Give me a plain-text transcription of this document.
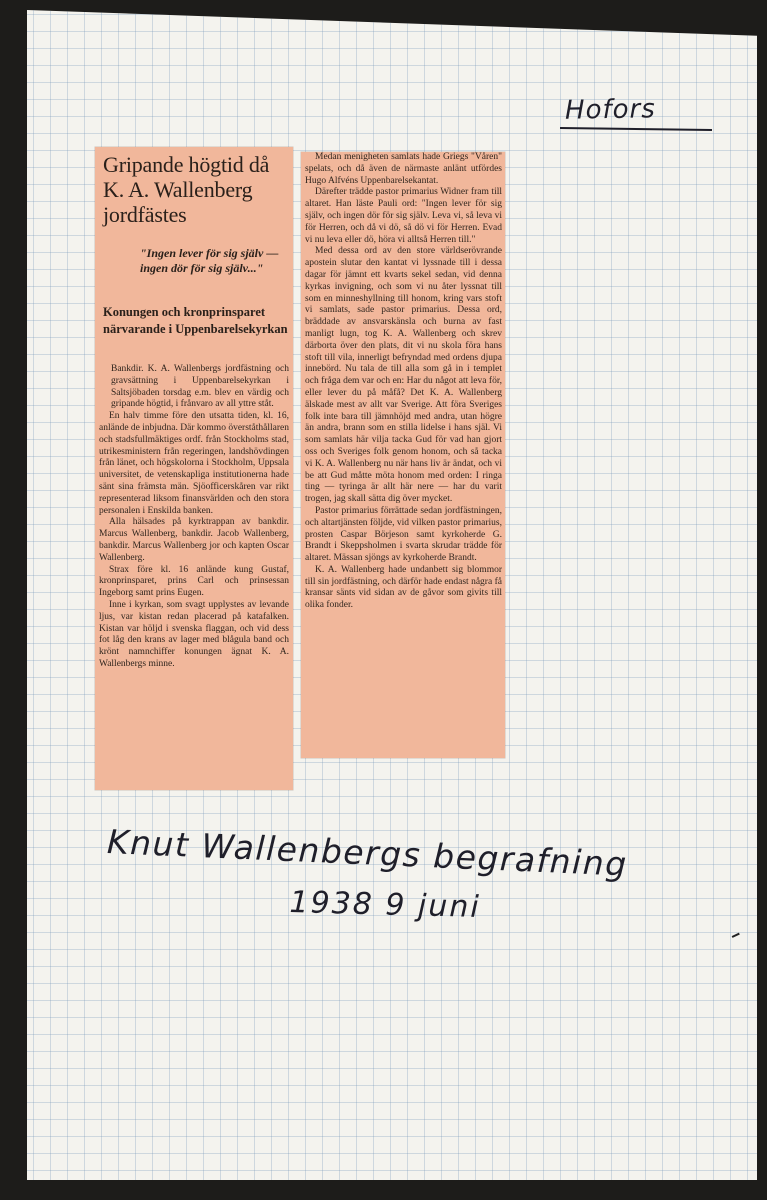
Gripande högtid då K. A. Wallenberg jordfästes

"Ingen lever för sig själv — ingen dör för sig själv..."

Konungen och kronprinsparet närvarande i Uppenbarelsekyrkan

Bankdir. K. A. Wallenbergs jordfästning och gravsättning i Uppenbarelsekyrkan i Saltsjöbaden torsdag e.m. blev en värdig och gripande högtid, i frånvaro av all yttre ståt.

En halv timme före den utsatta tiden, kl. 16, anlände de inbjudna. Där kommo överståthållaren och stadsfullmäktiges ordf. från Stockholms stad, utrikesministern från regeringen, landshövdingen från länet, och högskolorna i Stockholm, Uppsala universitet, de vetenskapliga institutionerna hade sänt sina främsta män. Sjöofficerskåren var rikt representerad liksom finansvärlden och den stora personalen i Enskilda banken.

Alla hälsades på kyrktrappan av bankdir. Marcus Wallenberg, bankdir. Jacob Wallenberg, bankdir. Marcus Wallenberg jor och kapten Oscar Wallenberg.

Strax före kl. 16 anlände kung Gustaf, kronprinsparet, prins Carl och prinsessan Ingeborg samt prins Eugen.

Inne i kyrkan, som svagt upplystes av levande ljus, var kistan redan placerad på katafalken. Kistan var höljd i svenska flaggan, och vid dess fot låg den krans av lager med blågula band och krönt namnchiffer konungen ägnat K. A. Wallenbergs minne.

Medan menigheten samlats hade Griegs "Våren" spelats, och då även de närmaste anlänt utfördes Hugo Alfvéns Uppenbarelsekantat.

Därefter trädde pastor primarius Widner fram till altaret. Han läste Pauli ord: "Ingen lever för sig själv, och ingen dör för sig själv. Leva vi, så leva vi för Herren, och då vi dö, så dö vi för Herren. Evad vi nu leva eller dö, höra vi alltså Herren till."

Med dessa ord av den store världserövrande apostein slutar den kantat vi lyssnade till i dessa dagar för jämnt ett kvarts sekel sedan, vid denna kyrkas invigning, och som vi nu åter lyssnat till som en minneshyllning till honom, kring vars stoft vi samlats, sade pastor primarius. Dessa ord, bräddade av ansvarskänsla och burna av fast manligt lugn, tog K. A. Wallenberg och skrev därborta över den plats, dit vi nu skola föra hans stoft till vila, innerligt befryndad med ordens djupa innebörd. Nu tala de till alla som gå in i templet och fråga dem var och en: Har du något att leva för, eller lever du på måfå? Det K. A. Wallenberg älskade mest av allt var Sverige. Att föra Sveriges folk inte bara till jämnhöjd med andra, utan högre än andra, brann som en stilla lidelse i hans själ. Vi som samlats här vilja tacka Gud för vad han gjort oss och Sveriges folk genom honom, och så tacka vi K. A. Wallenberg nu när hans liv är ändat, och vi be att Gud måtte möta honom med orden: I ringa ting — tyringa är allt här nere — har du varit trogen, jag skall sätta dig över mycket.

Pastor primarius förrättade sedan jordfästningen, och altartjänsten följde, vid vilken pastor primarius, prosten Caspar Börjeson samt kyrkoherde G. Brandt i Skeppsholmen i svarta skrudar trädde för altaret. Mässan sjöngs av kyrkoherde Brandt.

K. A. Wallenberg hade undanbett sig blommor till sin jordfästning, och därför hade endast några få kransar sänts vid sidan av de gåvor som givits till olika fonder.

Hofors

Knut Wallenbergs begrafning

1938 9 juni
